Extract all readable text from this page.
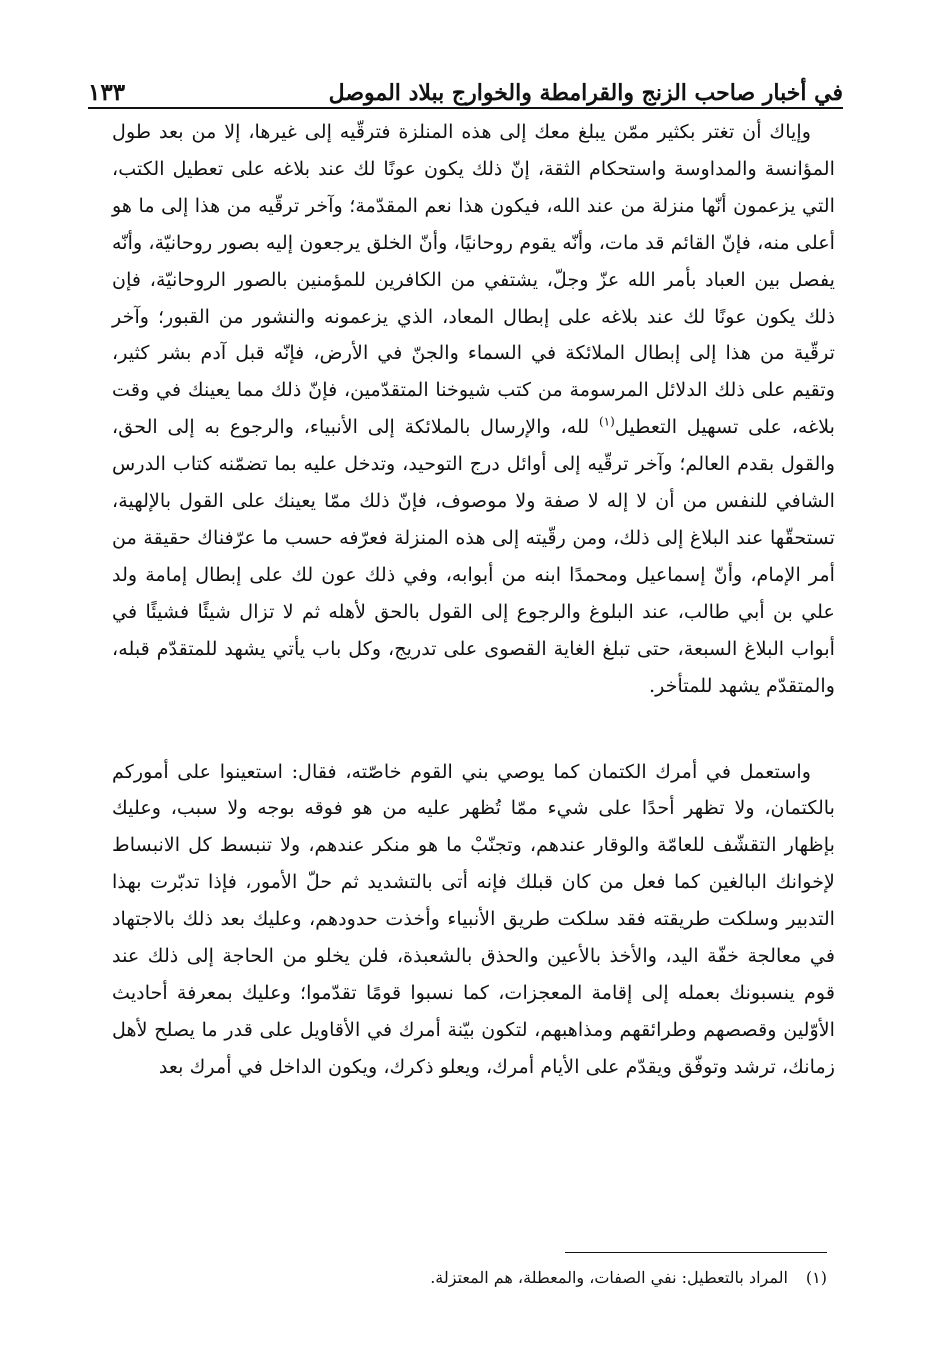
في أخبار صاحب الزنج والقرامطة والخوارج ببلاد الموصل
١٣٣

وإياك أن تغتر بكثير ممّن يبلغ معك إلى هذه المنلزة فترقّيه إلى غيرها، إلا من بعد طول المؤانسة والمداوسة واستحكام الثقة، إنّ ذلك يكون عونًا لك عند بلاغه على تعطيل الكتب، التي يزعمون أنّها منزلة من عند الله، فيكون هذا نعم المقدّمة؛ وآخر ترقّيه من هذا إلى ما هو أعلى منه، فإنّ القائم قد مات، وأنّه يقوم روحانيًا، وأنّ الخلق يرجعون إليه بصور روحانيّة، وأنّه يفصل بين العباد بأمر الله عزّ وجلّ، يشتفي من الكافرين للمؤمنين بالصور الروحانيّة، فإن ذلك يكون عونًا لك عند بلاغه على إبطال المعاد، الذي يزعمونه والنشور من القبور؛ وآخر ترقّية من هذا إلى إبطال الملائكة في السماء والجنّ في الأرض، فإنّه قبل آدم بشر كثير، وتقيم على ذلك الدلائل المرسومة من كتب شيوخنا المتقدّمين، فإنّ ذلك مما يعينك في وقت بلاغه، على تسهيل التعطيل$^{(١)}$ لله، والإرسال بالملائكة إلى الأنبياء، والرجوع به إلى الحق، والقول بقدم العالم؛ وآخر ترقّيه إلى أوائل درج التوحيد، وتدخل عليه بما تضمّنه كتاب الدرس الشافي للنفس من أن لا إله لا صفة ولا موصوف، فإنّ ذلك ممّا يعينك على القول بالإلهية، تستحقّها عند البلاغ إلى ذلك، ومن رقّيته إلى هذه المنزلة فعرّفه حسب ما عرّفناك حقيقة من أمر الإمام، وأنّ إسماعيل ومحمدًا ابنه من أبوابه، وفي ذلك عون لك على إبطال إمامة ولد علي بن أبي طالب، عند البلوغ والرجوع إلى القول بالحق لأهله ثم لا تزال شيئًا فشيئًا في أبواب البلاغ السبعة، حتى تبلغ الغاية القصوى على تدريج، وكل باب يأتي يشهد للمتقدّم قبله، والمتقدّم يشهد للمتأخر.

واستعمل في أمرك الكتمان كما يوصي بني القوم خاصّته، فقال: استعينوا على أموركم بالكتمان، ولا تظهر أحدًا على شيء ممّا تُظهر عليه من هو فوقه بوجه ولا سبب، وعليك بإظهار التقشّف للعامّة والوقار عندهم، وتجنّبْ ما هو منكر عندهم، ولا تنبسط كل الانبساط لإخوانك البالغين كما فعل من كان قبلك فإنه أتى بالتشديد ثم حلّ الأمور، فإذا تدبّرت بهذا التدبير وسلكت طريقته فقد سلكت طريق الأنبياء وأخذت حدودهم، وعليك بعد ذلك بالاجتهاد في معالجة خفّة اليد، والأخذ بالأعين والحذق بالشعبذة، فلن يخلو من الحاجة إلى ذلك عند قوم ينسبونك بعمله إلى إقامة المعجزات، كما نسبوا قومًا تقدّموا؛ وعليك بمعرفة أحاديث الأوّلين وقصصهم وطرائقهم ومذاهبهم، لتكون بيّنة أمرك في الأقاويل على قدر ما يصلح لأهل زمانك، ترشد وتوفّق ويقدّم على الأيام أمرك، ويعلو ذكرك، ويكون الداخل في أمرك بعد

(١)
المراد بالتعطيل: نفي الصفات، والمعطلة، هم المعتزلة.
